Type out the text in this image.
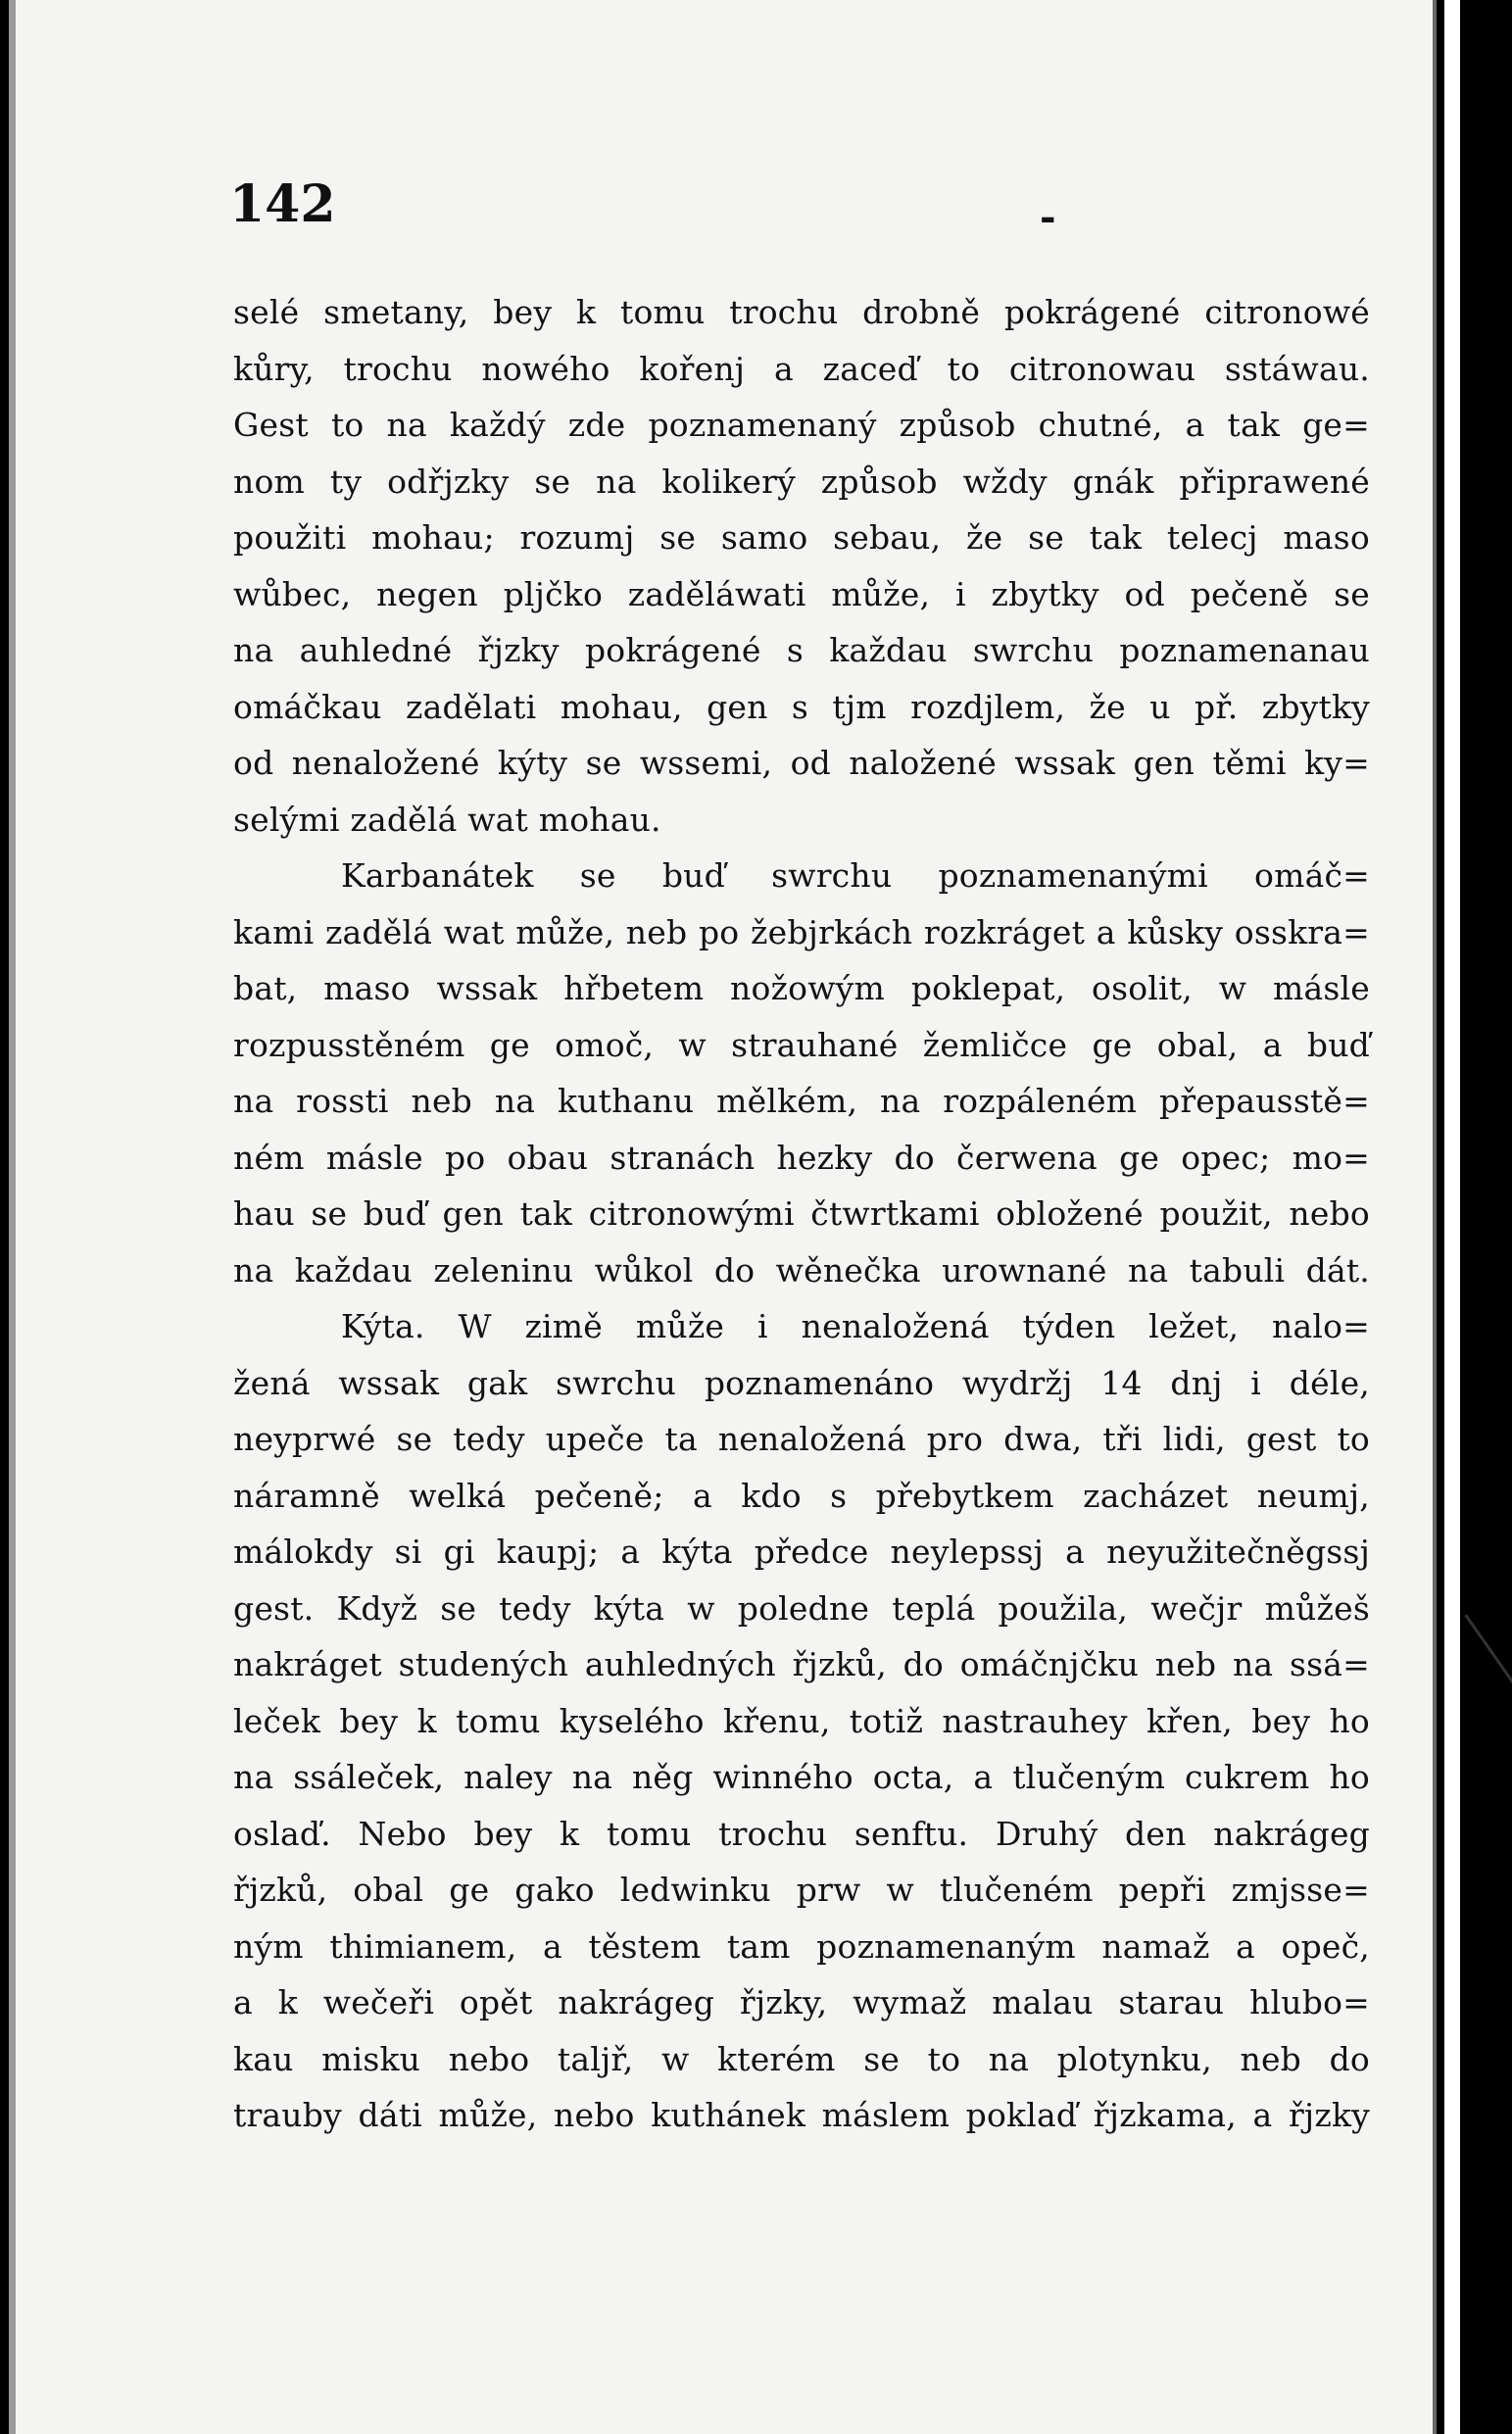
142	-
selé smetany, bey k tomu trochu drobně pokrágené citronowé
kůry, trochu nowého kořenj a zaceď to citronowau sstáwau.
Gest to na každý zde poznamenaný způsob chutné, a tak ge=
nom ty odřjzky se na kolikerý způsob wždy gnák připrawené
použiti mohau; rozumj se samo sebau, že se tak telecj maso
wůbec, negen pljčko zaděláwati může, i zbytky od pečeně se
na auhledné řjzky pokrágené s každau swrchu poznamenanau
omáčkau zadělati mohau, gen s tjm rozdjlem, že u př. zbytky
od nenaložené kýty se wssemi, od naložené wssak gen těmi ky=
selými zadělá wat mohau.
Karbanátek se buď swrchu poznamenanými omáč=
kami zadělá wat může, neb po žebjrkách rozkráget a kůsky osskra=
bat, maso wssak hřbetem nožowým poklepat, osolit, w másle
rozpusstěném ge omoč, w strauhané žemličce ge obal, a buď
na rossti neb na kuthanu mělkém, na rozpáleném přepausstě=
ném másle po obau stranách hezky do čerwena ge opec; mo=
hau se buď gen tak citronowými čtwrtkami obložené použit, nebo
na každau zeleninu wůkol do wěnečka urownané na tabuli dát.
Kýta. W zimě může i nenaložená týden ležet, nalo=
žená wssak gak swrchu poznamenáno wydržj 14 dnj i déle,
neyprwé se tedy upeče ta nenaložená pro dwa, tři lidi, gest to
náramně welká pečeně; a kdo s přebytkem zacházet neumj,
málokdy si gi kaupj; a kýta předce neylepssj a neyužitečněgssj
gest. Když se tedy kýta w poledne teplá použila, wečjr můžeš
nakráget studených auhledných řjzků, do omáčnjčku neb na ssá=
leček bey k tomu kyselého křenu, totiž nastrauhey křen, bey ho
na ssáleček, naley na něg winného octa, a tlučeným cukrem ho
oslaď. Nebo bey k tomu trochu senftu. Druhý den nakrágeg
řjzků, obal ge gako ledwinku prw w tlučeném pepři zmjsse=
ným thimianem, a těstem tam poznamenaným namaž a opeč,
a k wečeři opět nakrágeg řjzky, wymaž malau starau hlubo=
kau misku nebo talјř, w kterém se to na plotynku, neb do
trauby dáti může, nebo kuthánek máslem poklaď řjzkama, a řjzky
